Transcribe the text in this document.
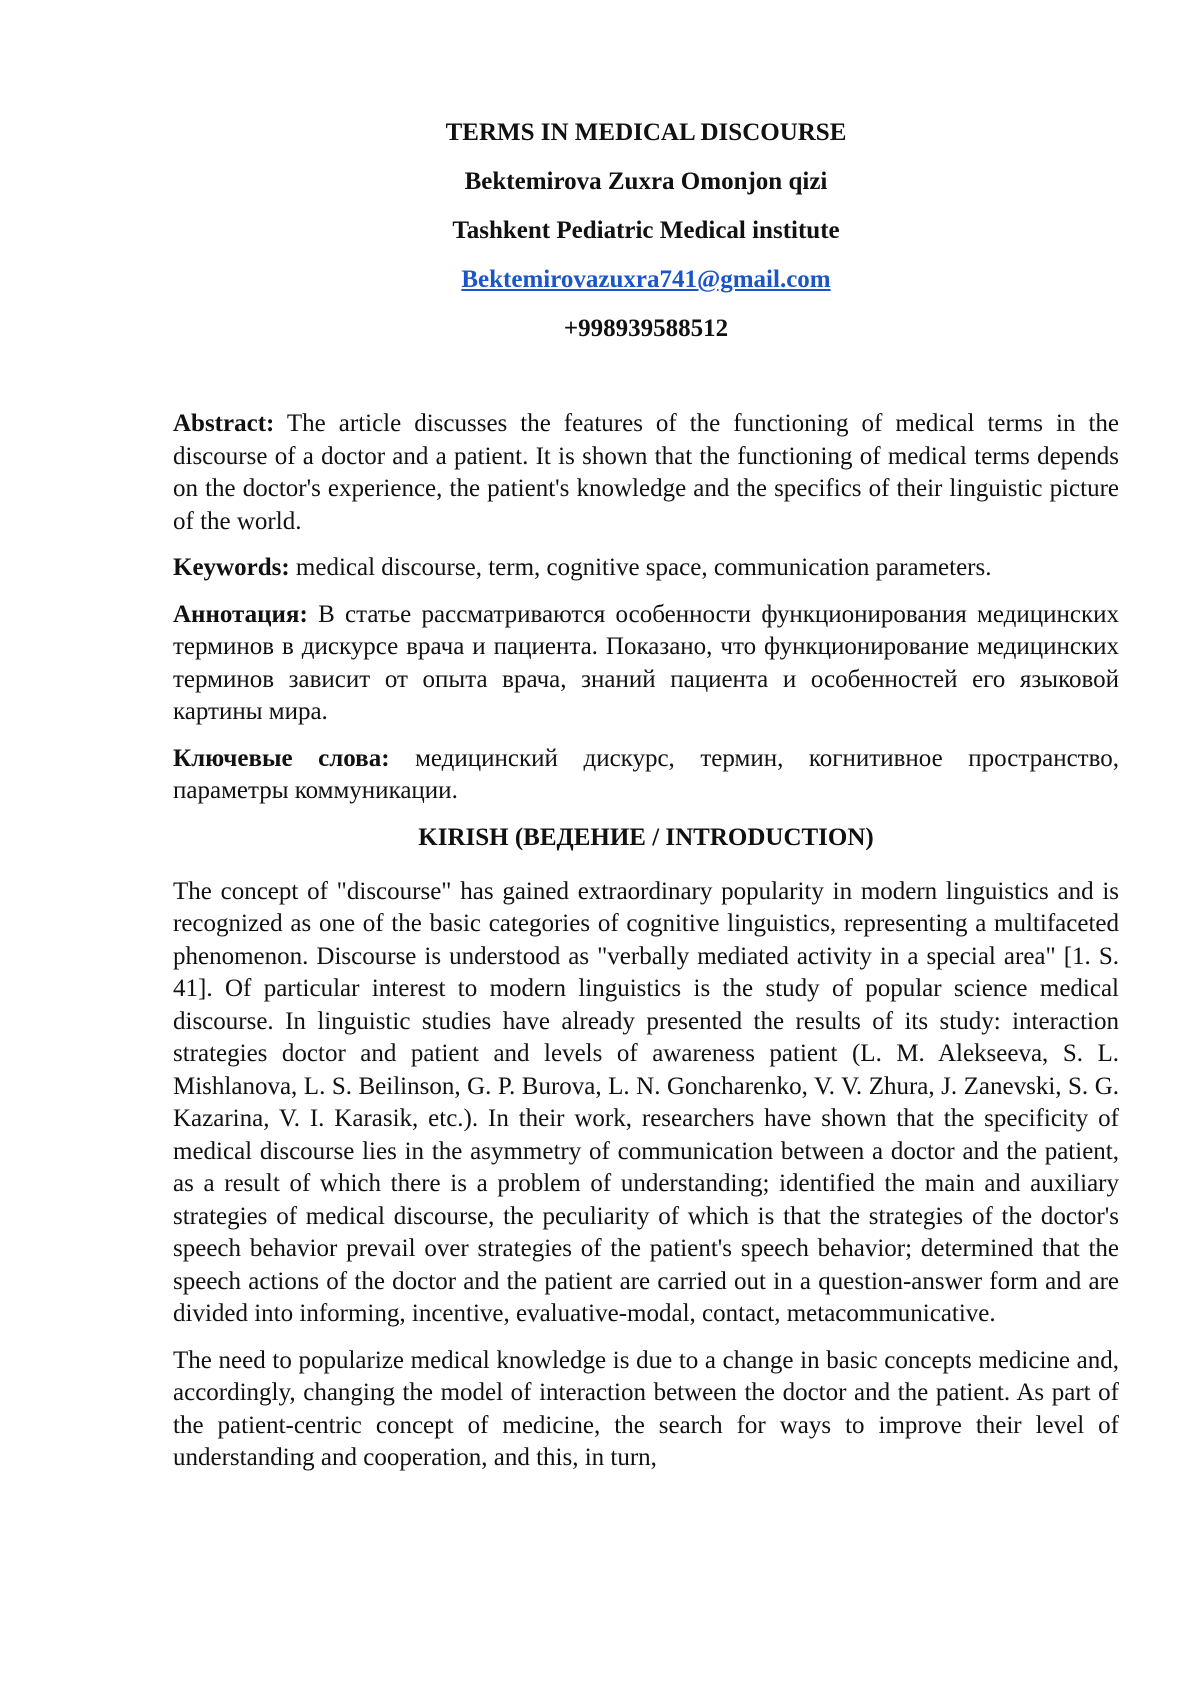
TERMS IN MEDICAL DISCOURSE

Bektemirova Zuxra Omonjon qizi

Tashkent Pediatric Medical institute

Bektemirovazuxra741@gmail.com

+998939588512

Abstract: The article discusses the features of the functioning of medical terms in the discourse of a doctor and a patient. It is shown that the functioning of medical terms depends on the doctor's experience, the patient's knowledge and the specifics of their linguistic picture of the world.

Keywords: medical discourse, term, cognitive space, communication parameters.

Аннотация: В статье рассматриваются особенности функционирования медицинских терминов в дискурсе врача и пациента. Показано, что функционирование медицинских терминов зависит от опыта врача, знаний пациента и особенностей его языковой картины мира.

Ключевые слова: медицинский дискурс, термин, когнитивное пространство, параметры коммуникации.

KIRISH (ВЕДЕНИЕ / INTRODUCTION)

The concept of "discourse" has gained extraordinary popularity in modern linguistics and is recognized as one of the basic categories of cognitive linguistics, representing a multifaceted phenomenon. Discourse is understood as "verbally mediated activity in a special area" [1. S. 41]. Of particular interest to modern linguistics is the study of popular science medical discourse. In linguistic studies have already presented the results of its study: interaction strategies doctor and patient and levels of awareness patient (L. M. Alekseeva, S. L. Mishlanova, L. S. Beilinson, G. P. Burova, L. N. Goncharenko, V. V. Zhura, J. Zanevski, S. G. Kazarina, V. I. Karasik, etc.). In their work, researchers have shown that the specificity of medical discourse lies in the asymmetry of communication between a doctor and the patient, as a result of which there is a problem of understanding; identified the main and auxiliary strategies of medical discourse, the peculiarity of which is that the strategies of the doctor's speech behavior prevail over strategies of the patient's speech behavior; determined that the speech actions of the doctor and the patient are carried out in a question-answer form and are divided into informing, incentive, evaluative-modal, contact, metacommunicative.

The need to popularize medical knowledge is due to a change in basic concepts medicine and, accordingly, changing the model of interaction between the doctor and the patient. As part of the patient-centric concept of medicine, the search for ways to improve their level of understanding and cooperation, and this, in turn,
